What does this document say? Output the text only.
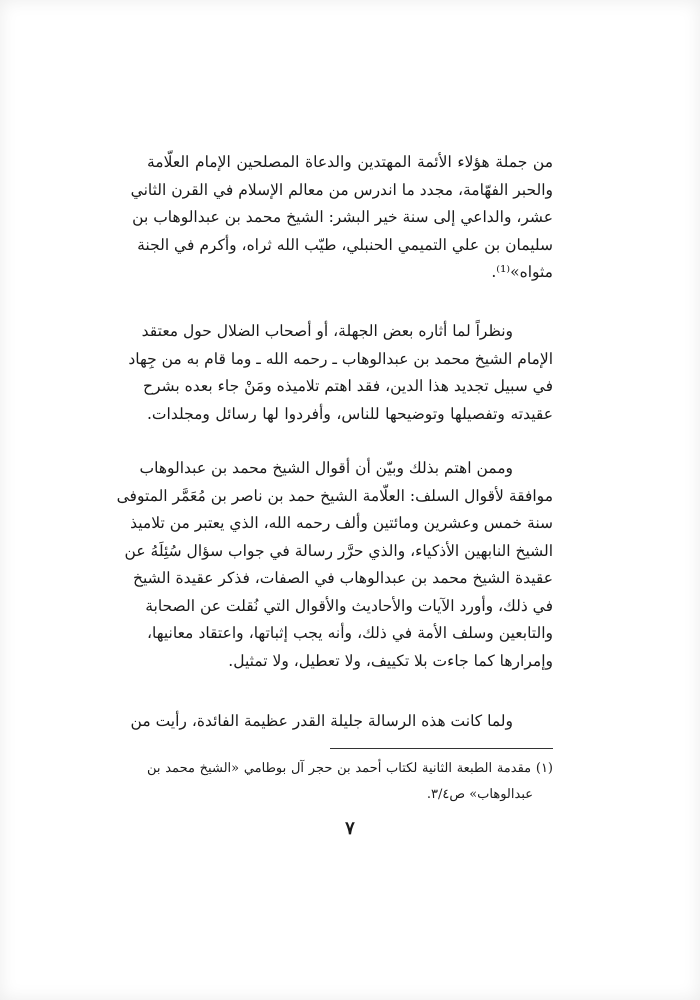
من جملة هؤلاء الأئمة المهتدين والدعاة المصلحين الإمام العلّامة
والحبر الفهّامة، مجدد ما اندرس من معالم الإسلام في القرن الثاني
عشر، والداعي إلى سنة خير البشر: الشيخ محمد بن عبدالوهاب بن
سليمان بن علي التميمي الحنبلي، طيّب الله ثراه، وأكرم في الجنة
مثواه»⁽¹⁾.
ونظراً لما أثاره بعض الجهلة، أو أصحاب الضلال حول معتقد
الإمام الشيخ محمد بن عبدالوهاب ـ رحمه الله ـ وما قام به من جِهاد
في سبيل تجديد هذا الدين، فقد اهتم تلاميذه ومَنْ جاء بعده بشرح
عقيدته وتفصيلها وتوضيحها للناس، وأفردوا لها رسائل ومجلدات.
وممن اهتم بذلك وبيّن أن أقوال الشيخ محمد بن عبدالوهاب
موافقة لأقوال السلف: العلّامة الشيخ حمد بن ناصر بن مُعَمَّر المتوفى
سنة خمس وعشرين ومائتين وألف رحمه الله، الذي يعتبر من تلاميذ
الشيخ النابهين الأذكياء، والذي حرَّر رسالة في جواب سؤال سُئِلَهُ عن
عقيدة الشيخ محمد بن عبدالوهاب في الصفات، فذكر عقيدة الشيخ
في ذلك، وأورد الآيات والأحاديث والأقوال التي نُقلت عن الصحابة
والتابعين وسلف الأمة في ذلك، وأنه يجب إثباتها، واعتقاد معانيها،
وإمرارها كما جاءت بلا تكييف، ولا تعطيل، ولا تمثيل.
ولما كانت هذه الرسالة جليلة القدر عظيمة الفائدة، رأيت من
(١) مقدمة الطبعة الثانية لكتاب أحمد بن حجر آل بوطامي «الشيخ محمد بن
عبدالوهاب» ص٣/٤.
٧
